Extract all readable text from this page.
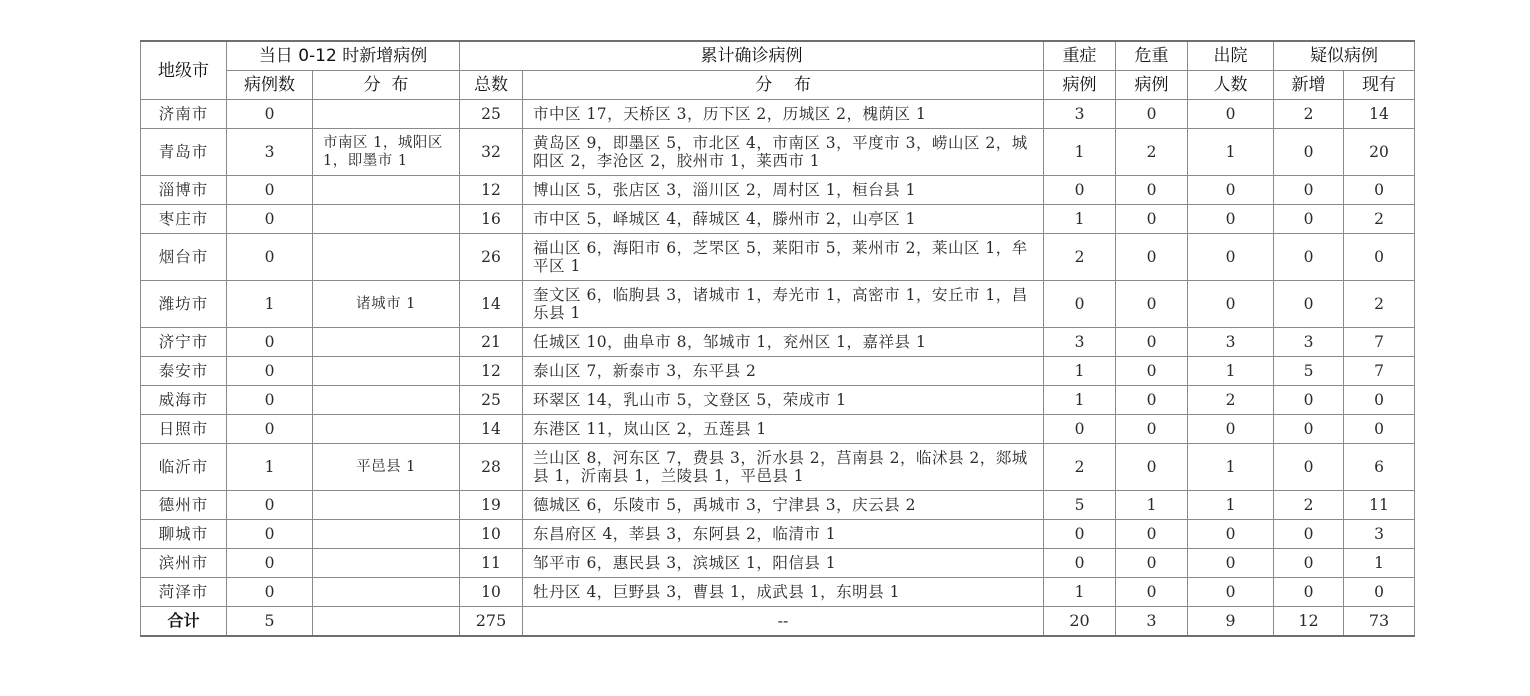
地级市	当日 0-12 时新增病例		累计确诊病例		重症	危重	出院	疑似病例	
	病例数	分  布	总数	分    布	病例	病例	人数	新增	现有
济南市	0		25	市中区 17，天桥区 3，历下区 2，历城区 2，槐荫区 1	3	0	0	2	14
青岛市	3	市南区 1，城阳区 1，即墨市 1	32	黄岛区 9，即墨区 5，市北区 4，市南区 3，平度市 3，崂山区 2，城阳区 2，李沧区 2，胶州市 1，莱西市 1	1	2	1	0	20
淄博市	0		12	博山区 5，张店区 3，淄川区 2，周村区 1，桓台县 1	0	0	0	0	0
枣庄市	0		16	市中区 5，峄城区 4，薛城区 4，滕州市 2，山亭区 1	1	0	0	0	2
烟台市	0		26	福山区 6，海阳市 6，芝罘区 5，莱阳市 5，莱州市 2，莱山区 1，牟平区 1	2	0	0	0	0
潍坊市	1	诸城市 1	14	奎文区 6，临朐县 3，诸城市 1，寿光市 1，高密市 1，安丘市 1，昌乐县 1	0	0	0	0	2
济宁市	0		21	任城区 10，曲阜市 8，邹城市 1，兖州区 1，嘉祥县 1	3	0	3	3	7
泰安市	0		12	泰山区 7，新泰市 3，东平县 2	1	0	1	5	7
威海市	0		25	环翠区 14，乳山市 5，文登区 5，荣成市 1	1	0	2	0	0
日照市	0		14	东港区 11，岚山区 2，五莲县 1	0	0	0	0	0
临沂市	1	平邑县 1	28	兰山区 8，河东区 7，费县 3，沂水县 2，莒南县 2，临沭县 2，郯城县 1，沂南县 1，兰陵县 1，平邑县 1	2	0	1	0	6
德州市	0		19	德城区 6，乐陵市 5，禹城市 3，宁津县 3，庆云县 2	5	1	1	2	11
聊城市	0		10	东昌府区 4，莘县 3，东阿县 2，临清市 1	0	0	0	0	3
滨州市	0		11	邹平市 6，惠民县 3，滨城区 1，阳信县 1	0	0	0	0	1
菏泽市	0		10	牡丹区 4，巨野县 3，曹县 1，成武县 1，东明县 1	1	0	0	0	0
合计	5		275	--	20	3	9	12	73
